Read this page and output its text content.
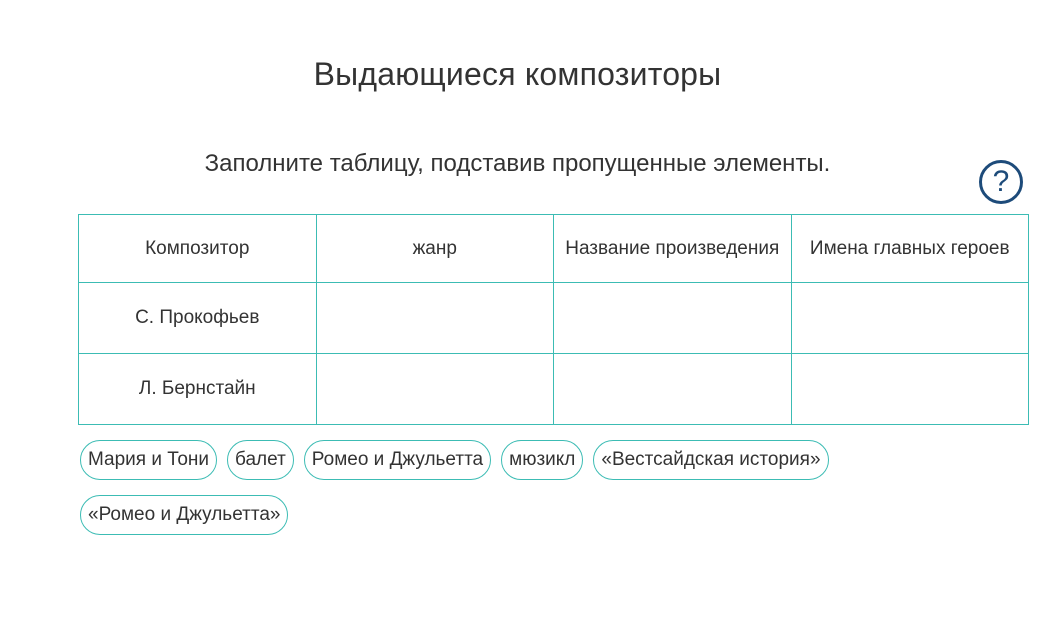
Выдающиеся композиторы
Заполните таблицу, подставив пропущенные элементы.
?
Композитор	жанр	Название произведения	Имена главных героев
С. Прокофьев			
Л. Бернстайн			
Мария и Тони	балет	Ромео и Джульетта	мюзикл	«Вестсайдская история»
«Ромео и Джульетта»
